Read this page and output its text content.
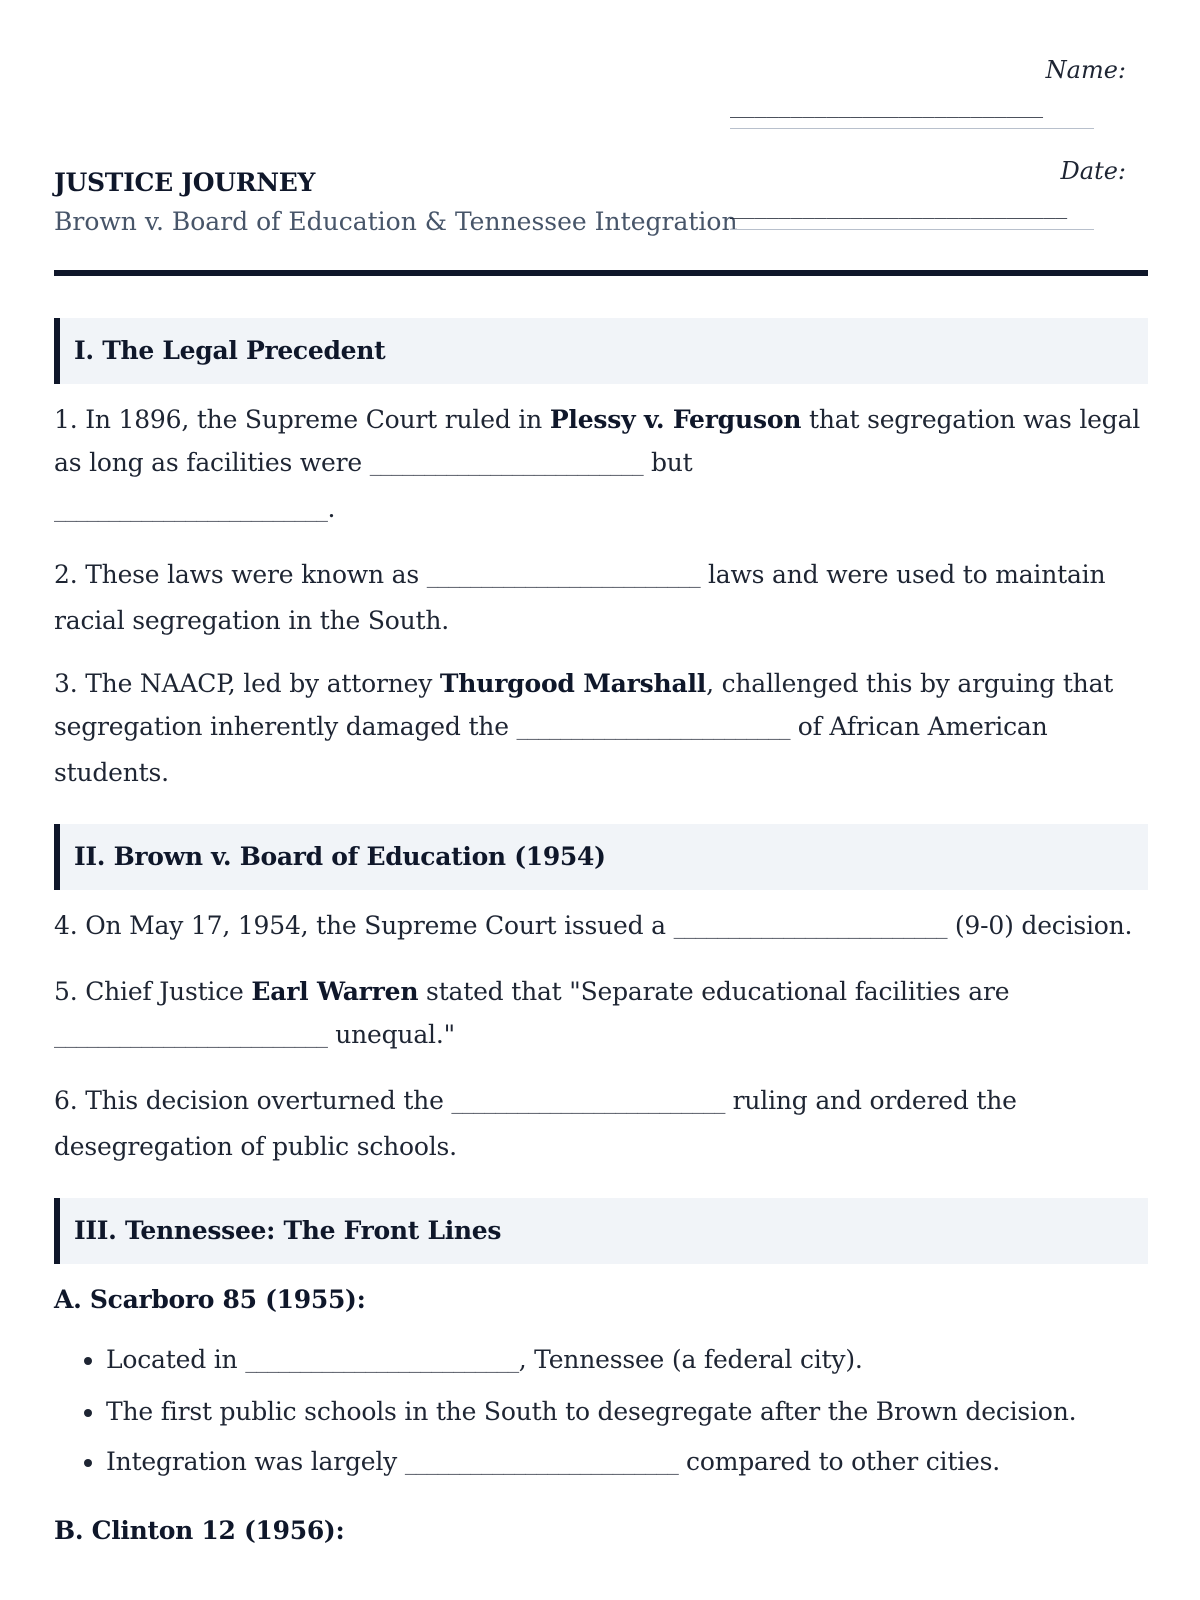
JUSTICE JOURNEY
Brown v. Board of Education & Tennessee Integration
Name:
__________________________
Date:
____________________________
I. The Legal Precedent
1. In 1896, the Supreme Court ruled in Plessy v. Ferguson that segregation was legal as long as facilities were _________________________ but
_________________________.
2. These laws were known as _________________________ laws and were used to maintain racial segregation in the South.
3. The NAACP, led by attorney Thurgood Marshall, challenged this by arguing that segregation inherently damaged the _________________________ of African American students.
II. Brown v. Board of Education (1954)
4. On May 17, 1954, the Supreme Court issued a _________________________ (9-0) decision.
5. Chief Justice Earl Warren stated that "Separate educational facilities are
_________________________ unequal."
6. This decision overturned the _________________________ ruling and ordered the desegregation of public schools.
III. Tennessee: The Front Lines
A. Scarboro 85 (1955):
• Located in _________________________, Tennessee (a federal city).
• The first public schools in the South to desegregate after the Brown decision.
• Integration was largely _________________________ compared to other cities.
B. Clinton 12 (1956):
